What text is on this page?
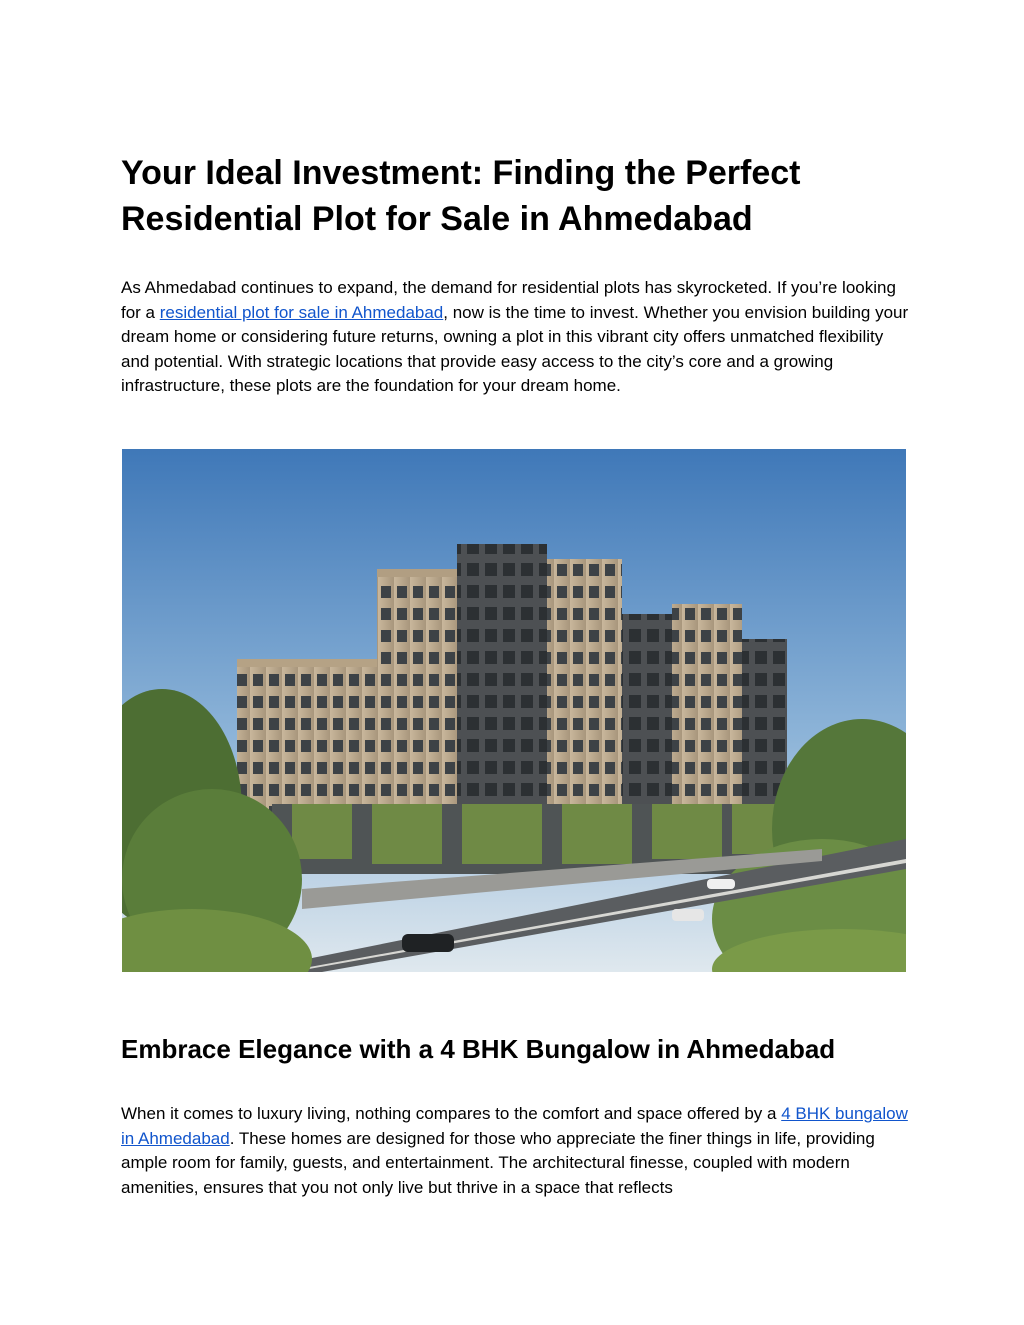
Your Ideal Investment: Finding the Perfect Residential Plot for Sale in Ahmedabad

As Ahmedabad continues to expand, the demand for residential plots has skyrocketed. If you’re looking for a residential plot for sale in Ahmedabad, now is the time to invest. Whether you envision building your dream home or considering future returns, owning a plot in this vibrant city offers unmatched flexibility and potential. With strategic locations that provide easy access to the city’s core and a growing infrastructure, these plots are the foundation for your dream home.

Embrace Elegance with a 4 BHK Bungalow in Ahmedabad

When it comes to luxury living, nothing compares to the comfort and space offered by a 4 BHK bungalow in Ahmedabad. These homes are designed for those who appreciate the finer things in life, providing ample room for family, guests, and entertainment. The architectural finesse, coupled with modern amenities, ensures that you not only live but thrive in a space that reflects
